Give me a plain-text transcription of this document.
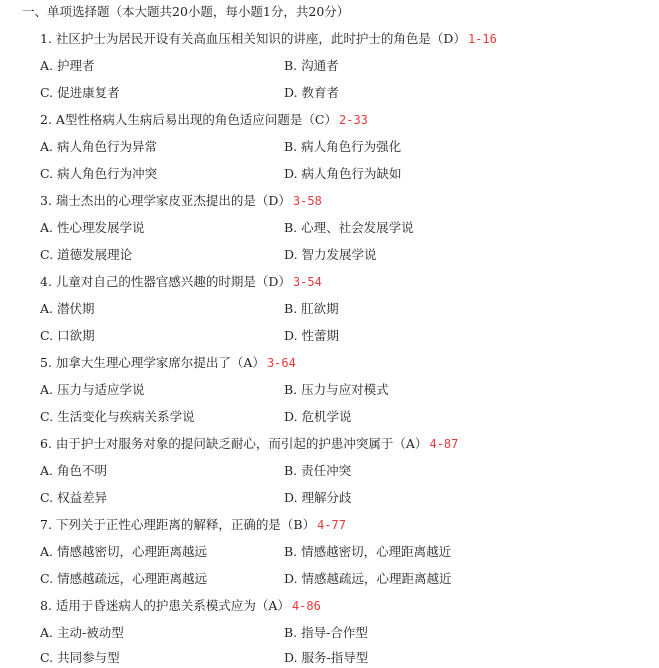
一、单项选择题（本大题共20小题，每小题1分，共20分）
1. 社区护士为居民开设有关高血压相关知识的讲座，此时护士的角色是（D） 1-16
A. 护理者	B. 沟通者
C. 促进康复者	D. 教育者
2. A型性格病人生病后易出现的角色适应问题是（C） 2-33
A. 病人角色行为异常	B. 病人角色行为强化
C. 病人角色行为冲突	D. 病人角色行为缺如
3. 瑞士杰出的心理学家皮亚杰提出的是（D） 3-58
A. 性心理发展学说	B. 心理、社会发展学说
C. 道德发展理论	D. 智力发展学说
4. 儿童对自己的性器官感兴趣的时期是（D） 3-54
A. 潜伏期	B. 肛欲期
C. 口欲期	D. 性蕾期
5. 加拿大生理心理学家席尔提出了（A） 3-64
A. 压力与适应学说	B. 压力与应对模式
C. 生活变化与疾病关系学说	D. 危机学说
6. 由于护士对服务对象的提问缺乏耐心，而引起的护患冲突属于（A） 4-87
A. 角色不明	B. 责任冲突
C. 权益差异	D. 理解分歧
7. 下列关于正性心理距离的解释，正确的是（B） 4-77
A. 情感越密切，心理距离越远	B. 情感越密切，心理距离越近
C. 情感越疏远，心理距离越远	D. 情感越疏远，心理距离越近
8. 适用于昏迷病人的护患关系模式应为（A） 4-86
A. 主动-被动型	B. 指导-合作型
C. 共同参与型	D. 服务-指导型
